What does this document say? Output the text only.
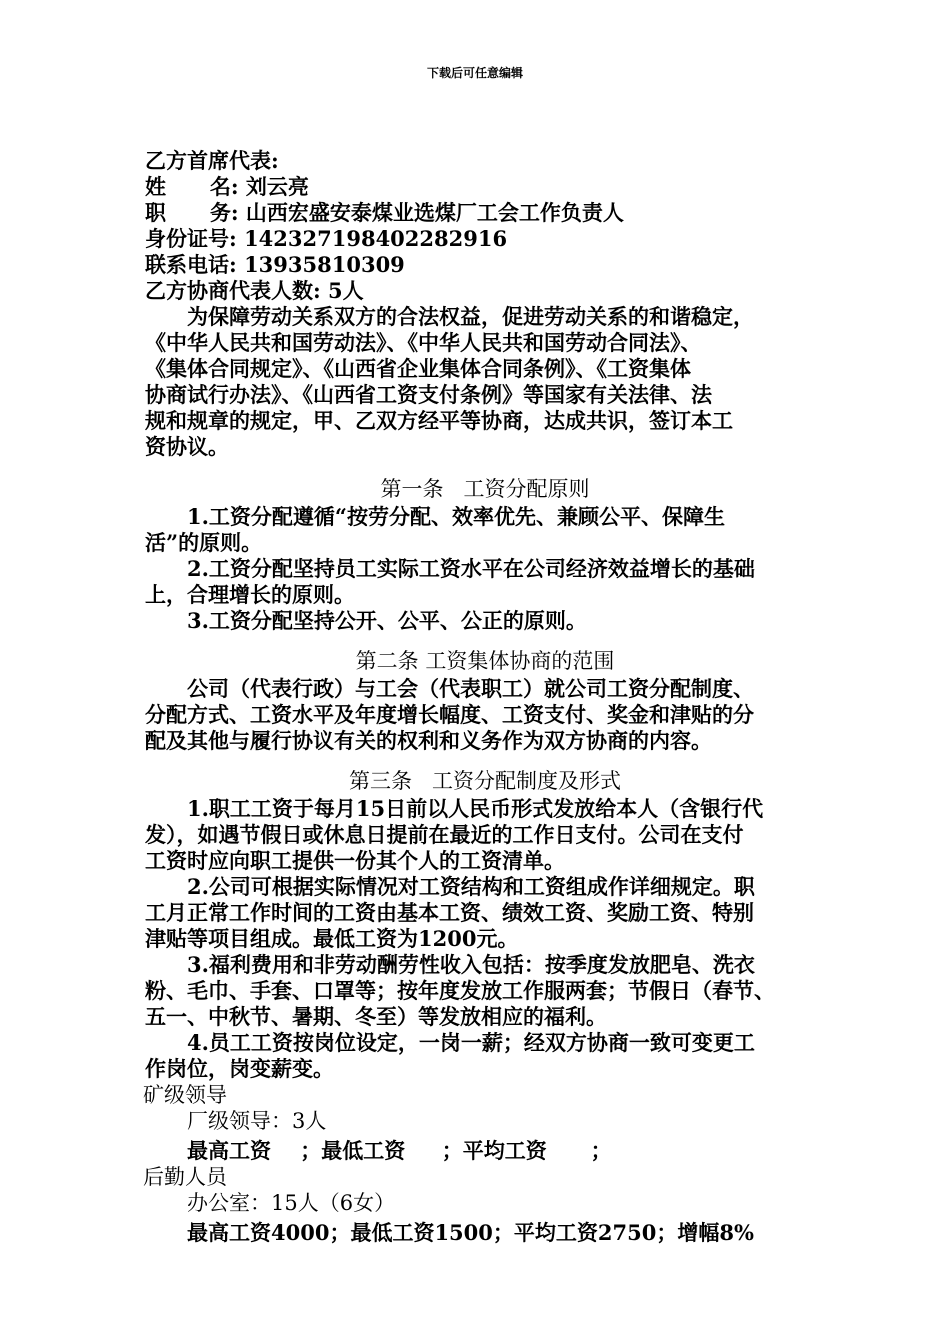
下载后可任意编辑
乙方首席代表:
姓      名: 刘云亮
职      务: 山西宏盛安泰煤业选煤厂工会工作负责人
身份证号: 142327198402282916
联系电话: 13935810309
乙方协商代表人数: 5人
为保障劳动关系双方的合法权益，促进劳动关系的和谐稳定，
《中华人民共和国劳动法》、《中华人民共和国劳动合同法》、
《集体合同规定》、《山西省企业集体合同条例》、《工资集体
协商试行办法》、《山西省工资支付条例》等国家有关法律、法
规和规章的规定，甲、乙双方经平等协商，达成共识，签订本工
资协议。
第一条   工资分配原则
1.工资分配遵循“按劳分配、效率优先、兼顾公平、保障生
活”的原则。
2.工资分配坚持员工实际工资水平在公司经济效益增长的基础
上，合理增长的原则。
3.工资分配坚持公开、公平、公正的原则。
第二条 工资集体协商的范围
公司（代表行政）与工会（代表职工）就公司工资分配制度、
分配方式、工资水平及年度增长幅度、工资支付、奖金和津贴的分
配及其他与履行协议有关的权利和义务作为双方协商的内容。
第三条   工资分配制度及形式
1.职工工资于每月15日前以人民币形式发放给本人（含银行代
发），如遇节假日或休息日提前在最近的工作日支付。公司在支付
工资时应向职工提供一份其个人的工资清单。
2.公司可根据实际情况对工资结构和工资组成作详细规定。职
工月正常工作时间的工资由基本工资、绩效工资、奖励工资、特别
津贴等项目组成。最低工资为1200元。
3.福利费用和非劳动酬劳性收入包括：按季度发放肥皂、洗衣
粉、毛巾、手套、口罩等；按年度发放工作服两套；节假日（春节、
五一、中秋节、暑期、冬至）等发放相应的福利。
4.员工工资按岗位设定，一岗一薪；经双方协商一致可变更工
作岗位，岗变薪变。
矿级领导
厂级领导：3人
最高工资    ；最低工资     ；平均工资      ；
后勤人员
办公室：15人（6女）
最高工资4000；最低工资1500；平均工资2750；增幅8%
